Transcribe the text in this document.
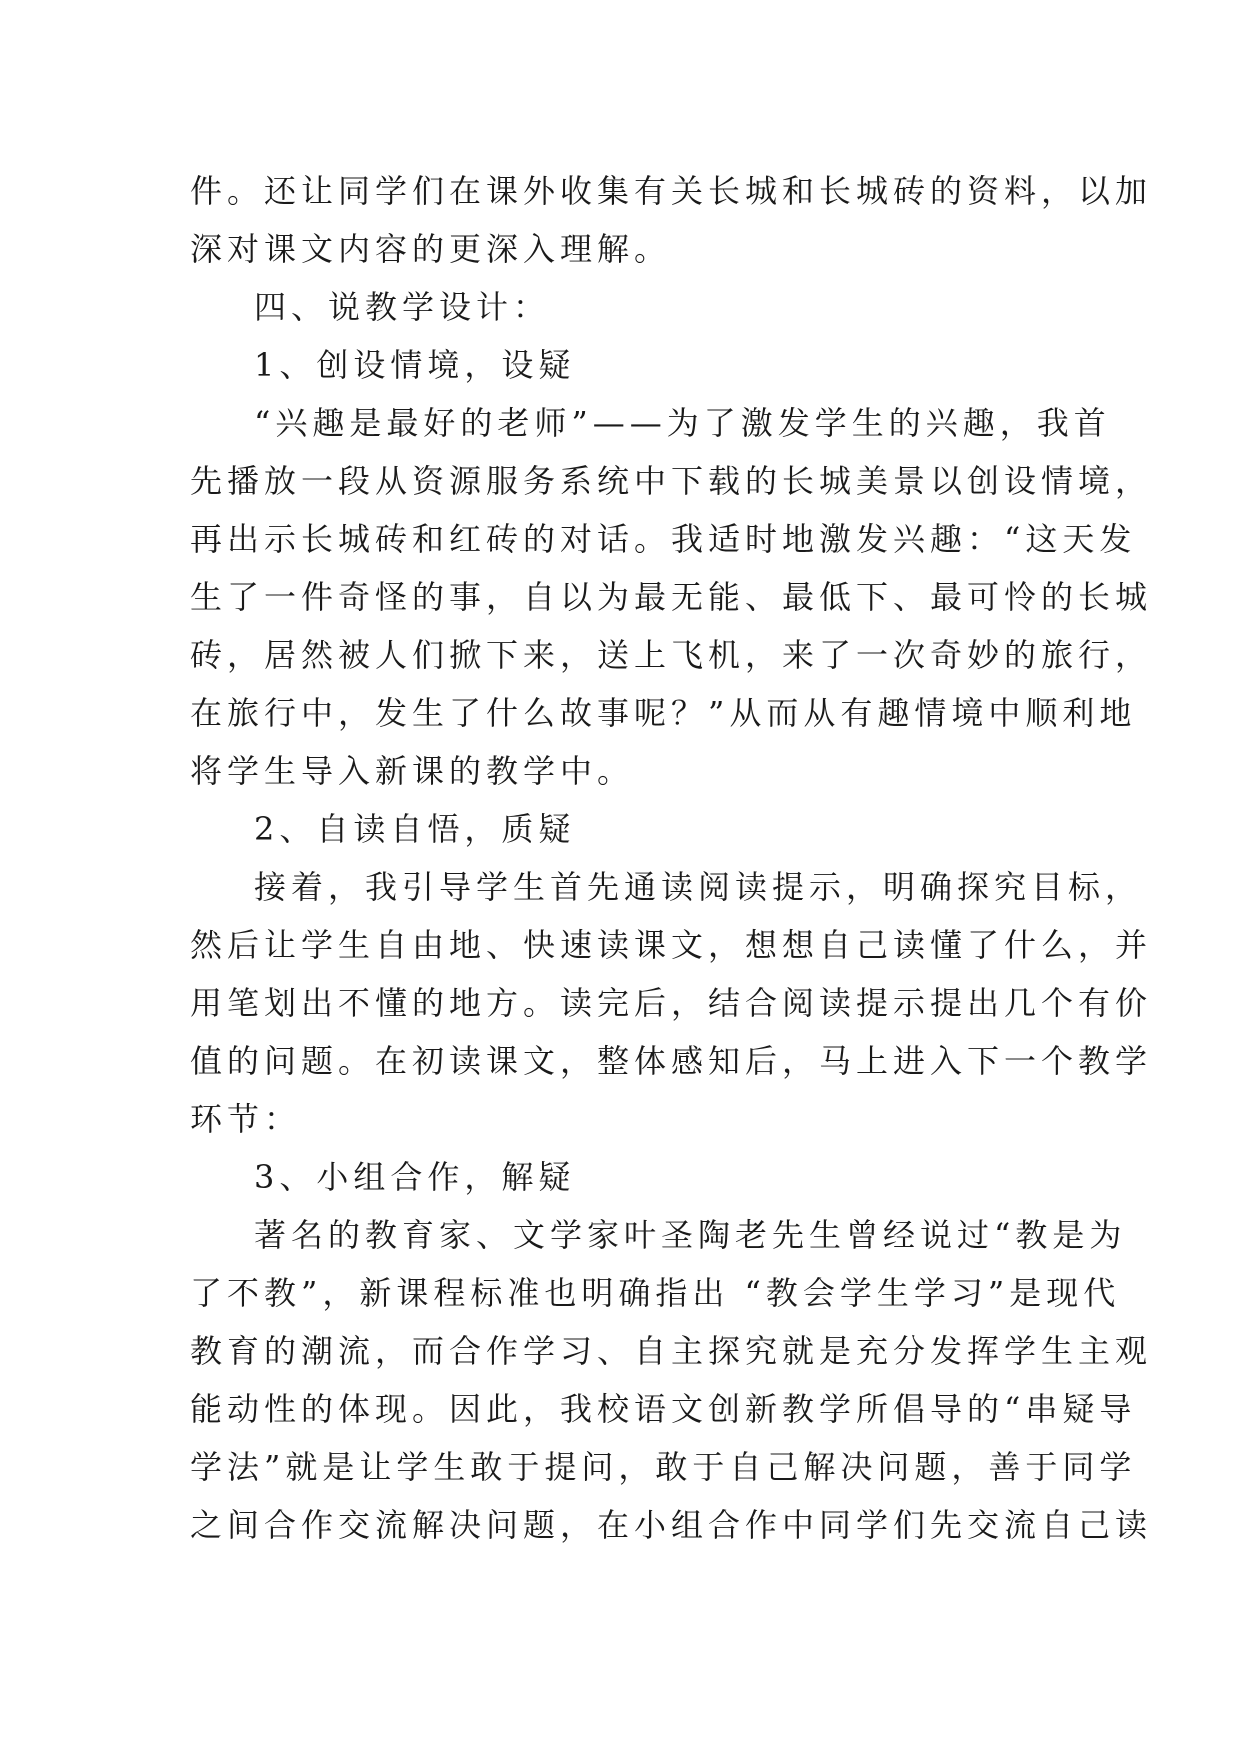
件。还让同学们在课外收集有关长城和长城砖的资料，以加
深对课文内容的更深入理解。
四、说教学设计：
1、创设情境，设疑
“兴趣是最好的老师”——为了激发学生的兴趣，我首
先播放一段从资源服务系统中下载的长城美景以创设情境，
再出示长城砖和红砖的对话。我适时地激发兴趣：“这天发
生了一件奇怪的事，自以为最无能、最低下、最可怜的长城
砖，居然被人们掀下来，送上飞机，来了一次奇妙的旅行，
在旅行中，发生了什么故事呢？”从而从有趣情境中顺利地
将学生导入新课的教学中。
2、自读自悟，质疑
接着，我引导学生首先通读阅读提示，明确探究目标，
然后让学生自由地、快速读课文，想想自己读懂了什么，并
用笔划出不懂的地方。读完后，结合阅读提示提出几个有价
值的问题。在初读课文，整体感知后，马上进入下一个教学
环节：
3、小组合作，解疑
著名的教育家、文学家叶圣陶老先生曾经说过“教是为
了不教”，新课程标准也明确指出 “教会学生学习”是现代
教育的潮流，而合作学习、自主探究就是充分发挥学生主观
能动性的体现。因此，我校语文创新教学所倡导的“串疑导
学法”就是让学生敢于提问，敢于自己解决问题，善于同学
之间合作交流解决问题，在小组合作中同学们先交流自己读
